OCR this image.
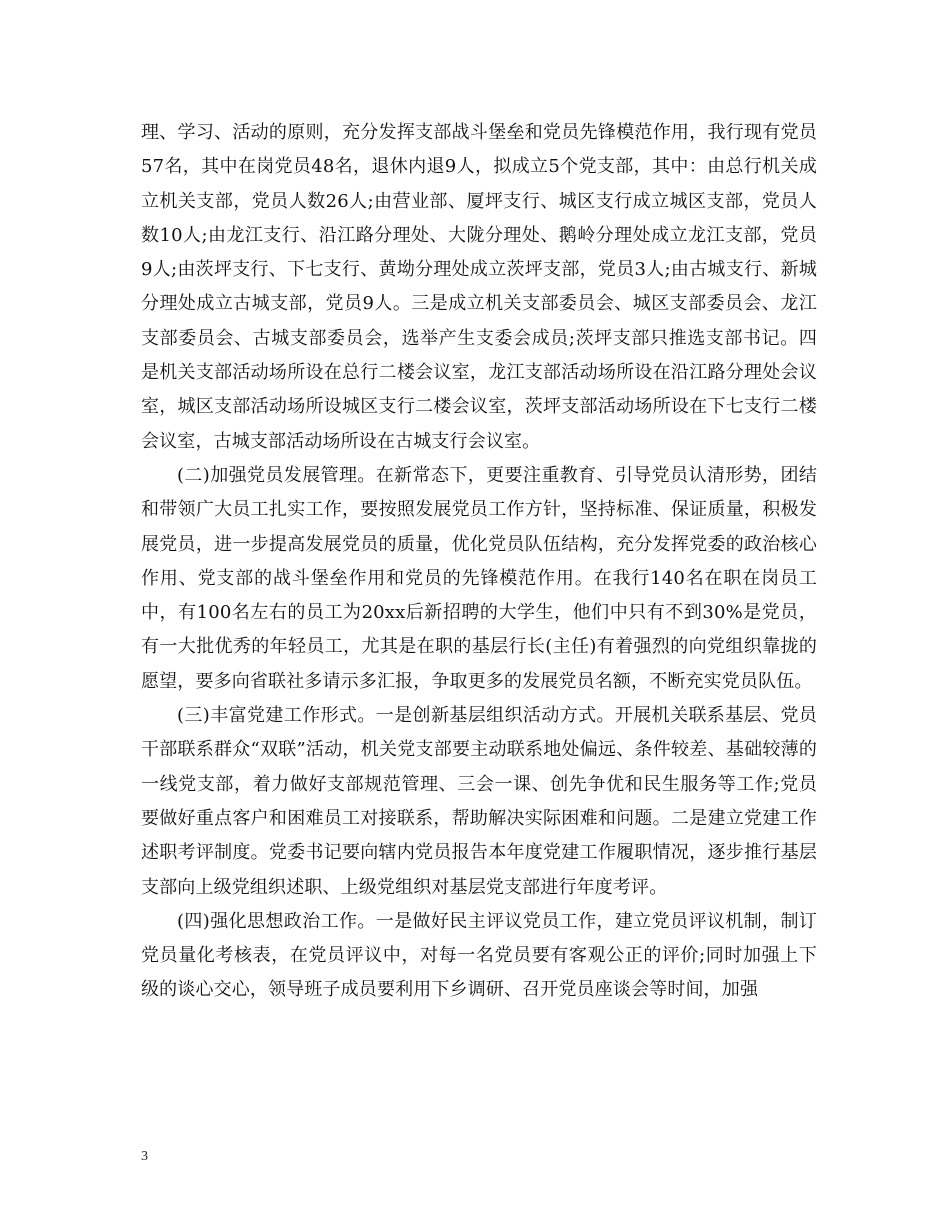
理、学习、活动的原则，充分发挥支部战斗堡垒和党员先锋模范作用，我行现有党员57名，其中在岗党员48名，退休内退9人，拟成立5个党支部，其中：由总行机关成立机关支部，党员人数26人;由营业部、厦坪支行、城区支行成立城区支部，党员人数10人;由龙江支行、沿江路分理处、大陇分理处、鹅岭分理处成立龙江支部，党员9人;由茨坪支行、下七支行、黄坳分理处成立茨坪支部，党员3人;由古城支行、新城分理处成立古城支部，党员9人。三是成立机关支部委员会、城区支部委员会、龙江支部委员会、古城支部委员会，选举产生支委会成员;茨坪支部只推选支部书记。四是机关支部活动场所设在总行二楼会议室，龙江支部活动场所设在沿江路分理处会议室，城区支部活动场所设城区支行二楼会议室，茨坪支部活动场所设在下七支行二楼会议室，古城支部活动场所设在古城支行会议室。

(二)加强党员发展管理。在新常态下，更要注重教育、引导党员认清形势，团结和带领广大员工扎实工作，要按照发展党员工作方针，坚持标准、保证质量，积极发展党员，进一步提高发展党员的质量，优化党员队伍结构，充分发挥党委的政治核心作用、党支部的战斗堡垒作用和党员的先锋模范作用。在我行140名在职在岗员工中，有100名左右的员工为20xx后新招聘的大学生，他们中只有不到30%是党员，有一大批优秀的年轻员工，尤其是在职的基层行长(主任)有着强烈的向党组织靠拢的愿望，要多向省联社多请示多汇报，争取更多的发展党员名额，不断充实党员队伍。

(三)丰富党建工作形式。一是创新基层组织活动方式。开展机关联系基层、党员干部联系群众“双联”活动，机关党支部要主动联系地处偏远、条件较差、基础较薄的一线党支部，着力做好支部规范管理、三会一课、创先争优和民生服务等工作;党员要做好重点客户和困难员工对接联系，帮助解决实际困难和问题。二是建立党建工作述职考评制度。党委书记要向辖内党员报告本年度党建工作履职情况，逐步推行基层支部向上级党组织述职、上级党组织对基层党支部进行年度考评。

(四)强化思想政治工作。一是做好民主评议党员工作，建立党员评议机制，制订党员量化考核表，在党员评议中，对每一名党员要有客观公正的评价;同时加强上下级的谈心交心，领导班子成员要利用下乡调研、召开党员座谈会等时间，加强

3
